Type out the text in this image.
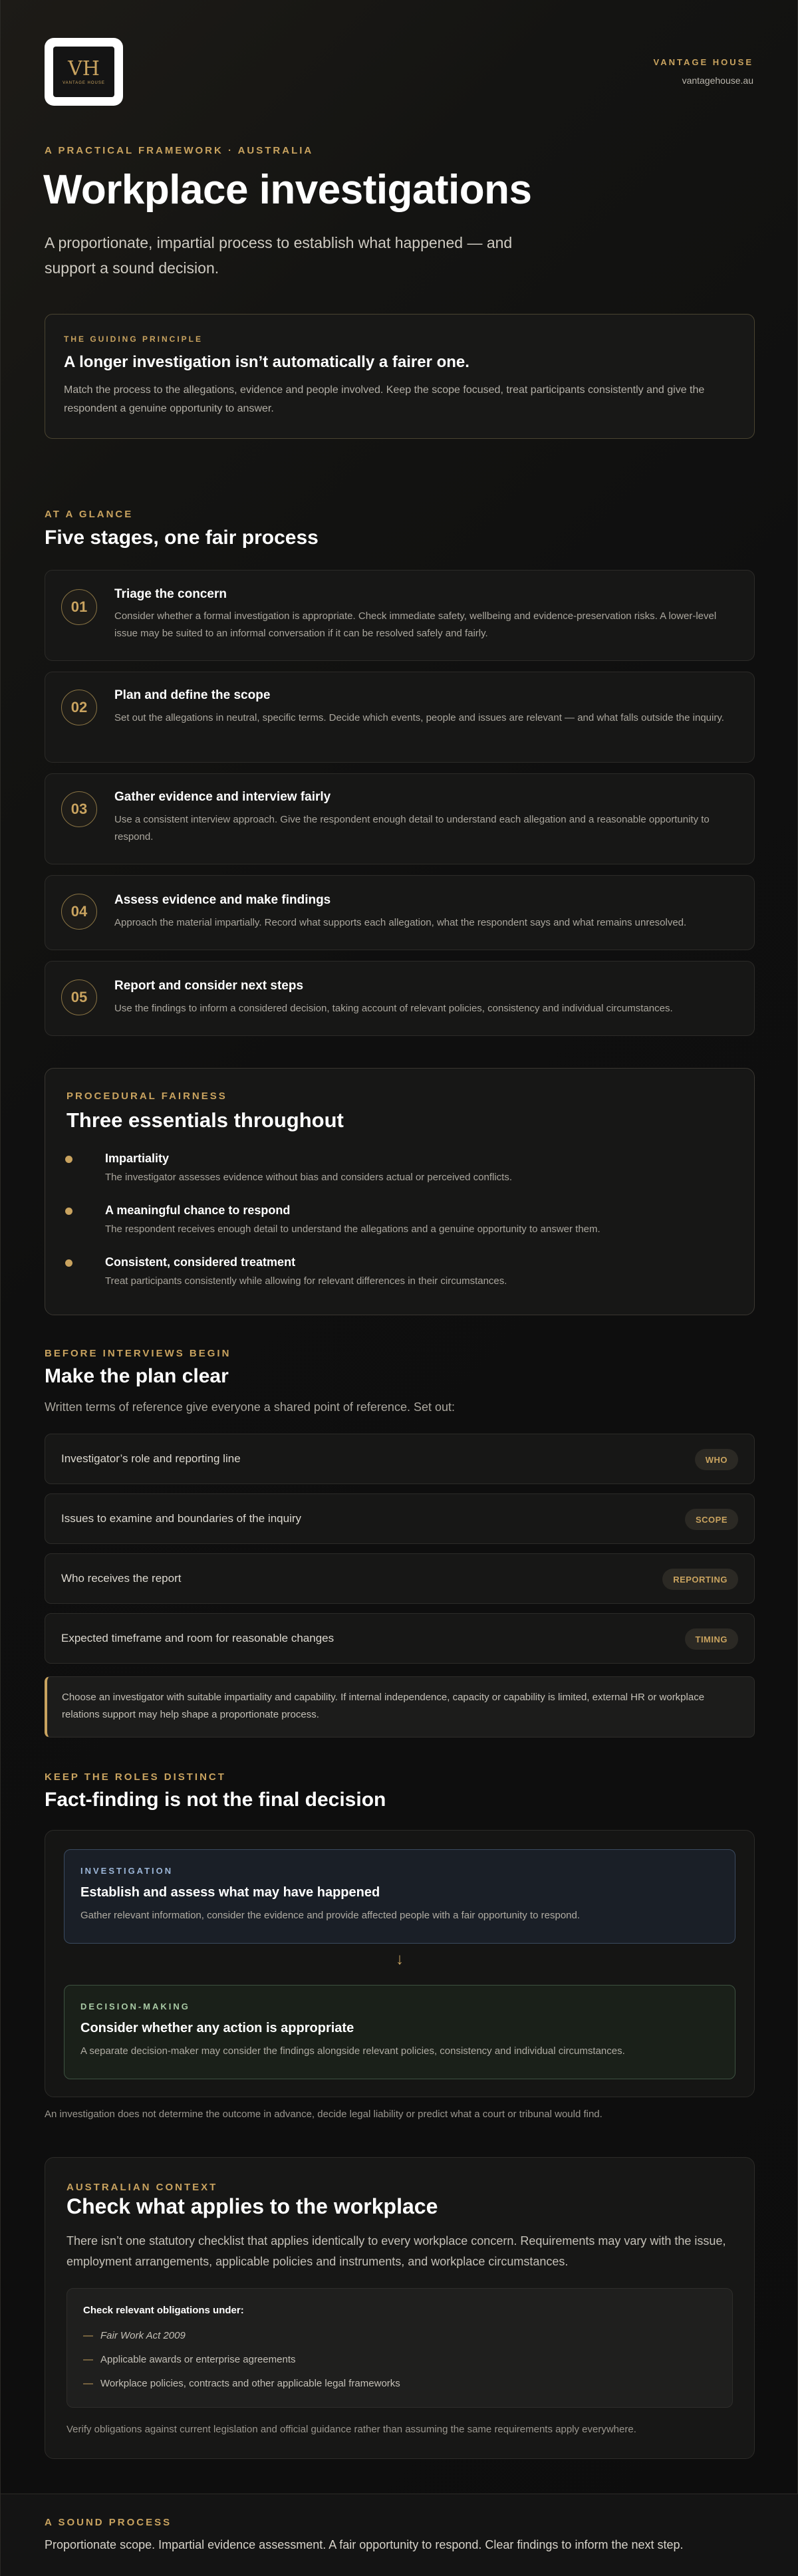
VH
VANTAGE HOUSE
VANTAGE HOUSE
vantagehouse.au
A PRACTICAL FRAMEWORK · AUSTRALIA
Workplace investigations

A proportionate, impartial process to establish what happened — and support a sound decision.

THE GUIDING PRINCIPLE
A longer investigation isn’t automatically a fairer one.

Match the process to the allegations, evidence and people involved. Keep the scope focused, treat participants consistently and give the respondent a genuine opportunity to answer.

AT A GLANCE
Five stages, one fair process
01
Triage the concern

Consider whether a formal investigation is appropriate. Check immediate safety, wellbeing and evidence-preservation risks. A lower-level issue may be suited to an informal conversation if it can be resolved safely and fairly.

02
Plan and define the scope

Set out the allegations in neutral, specific terms. Decide which events, people and issues are relevant — and what falls outside the inquiry.

03
Gather evidence and interview fairly

Use a consistent interview approach. Give the respondent enough detail to understand each allegation and a reasonable opportunity to respond.

04
Assess evidence and make findings

Approach the material impartially. Record what supports each allegation, what the respondent says and what remains unresolved.

05
Report and consider next steps

Use the findings to inform a considered decision, taking account of relevant policies, consistency and individual circumstances.

PROCEDURAL FAIRNESS
Three essentials throughout
Impartiality

The investigator assesses evidence without bias and considers actual or perceived conflicts.

A meaningful chance to respond

The respondent receives enough detail to understand the allegations and a genuine opportunity to answer them.

Consistent, considered treatment

Treat participants consistently while allowing for relevant differences in their circumstances.

BEFORE INTERVIEWS BEGIN
Make the plan clear

Written terms of reference give everyone a shared point of reference. Set out:

Investigator’s role and reporting line	WHO
Issues to examine and boundaries of the inquiry	SCOPE
Who receives the report	REPORTING
Expected timeframe and room for reasonable changes	TIMING
Choose an investigator with suitable impartiality and capability. If internal independence, capacity or capability is limited, external HR or workplace relations support may help shape a proportionate process.
KEEP THE ROLES DISTINCT
Fact-finding is not the final decision
INVESTIGATION
Establish and assess what may have happened

Gather relevant information, consider the evidence and provide affected people with a fair opportunity to respond.

↓
DECISION-MAKING
Consider whether any action is appropriate

A separate decision-maker may consider the findings alongside relevant policies, consistency and individual circumstances.

An investigation does not determine the outcome in advance, decide legal liability or predict what a court or tribunal would find.

AUSTRALIAN CONTEXT
Check what applies to the workplace

There isn’t one statutory checklist that applies identically to every workplace concern. Requirements may vary with the issue, employment arrangements, applicable policies and instruments, and workplace circumstances.

Check relevant obligations under:
— Fair Work Act 2009
— Applicable awards or enterprise agreements
— Workplace policies, contracts and other applicable legal frameworks

Verify obligations against current legislation and official guidance rather than assuming the same requirements apply everywhere.

A SOUND PROCESS

Proportionate scope. Impartial evidence assessment. A fair opportunity to respond. Clear findings to inform the next step.
